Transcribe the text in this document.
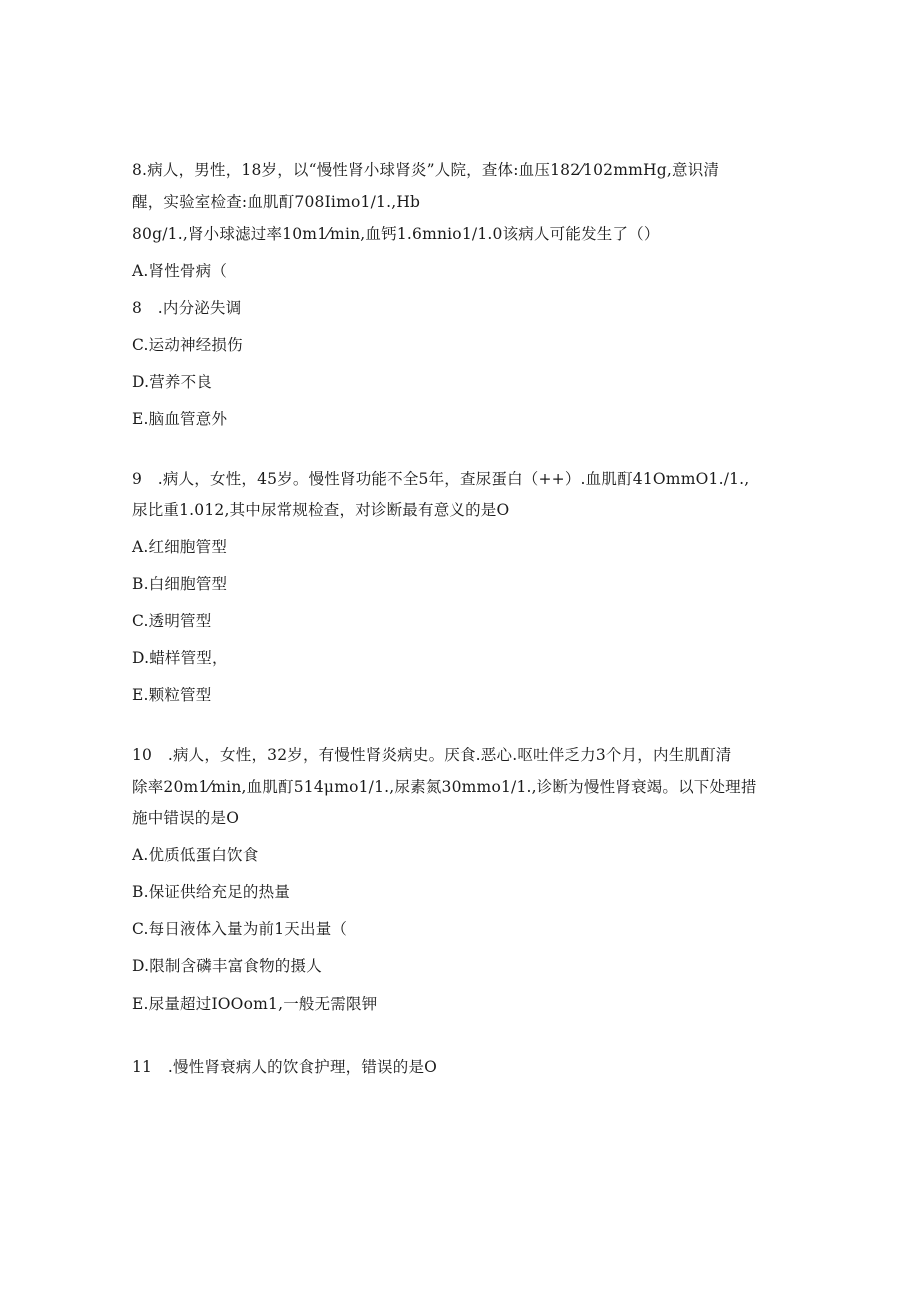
8.病人，男性，18岁，以“慢性肾小球肾炎”人院，查体:血压182⁄102mmHg,意识清
醒，实验室检查:血肌酊708Iimo1/1.,Hb
80g/1.,肾小球滤过率10m1⁄min,血钙1.6mnio1/1.0该病人可能发生了（）
A.肾性骨病（
8　.内分泌失调
C.运动神经损伤
D.营养不良
E.脑血管意外
9　.病人，女性，45岁。慢性肾功能不全5年，查尿蛋白（++）.血肌酊41OmmO1./1.,
尿比重1.012,其中尿常规检查，对诊断最有意义的是O
A.红细胞管型
B.白细胞管型
C.透明管型
D.蜡样管型，
E.颗粒管型
10　.病人，女性，32岁，有慢性肾炎病史。厌食.恶心.呕吐伴乏力3个月，内生肌酊清
除率20m1⁄min,血肌酊514μmo1/1.,尿素氮30mmo1/1.,诊断为慢性肾衰竭。以下处理措
施中错误的是O
A.优质低蛋白饮食
B.保证供给充足的热量
C.每日液体入量为前1天出量（
D.限制含磷丰富食物的摄人
E.尿量超过IOOom1,一般无需限钾
11　.慢性肾衰病人的饮食护理，错误的是O
